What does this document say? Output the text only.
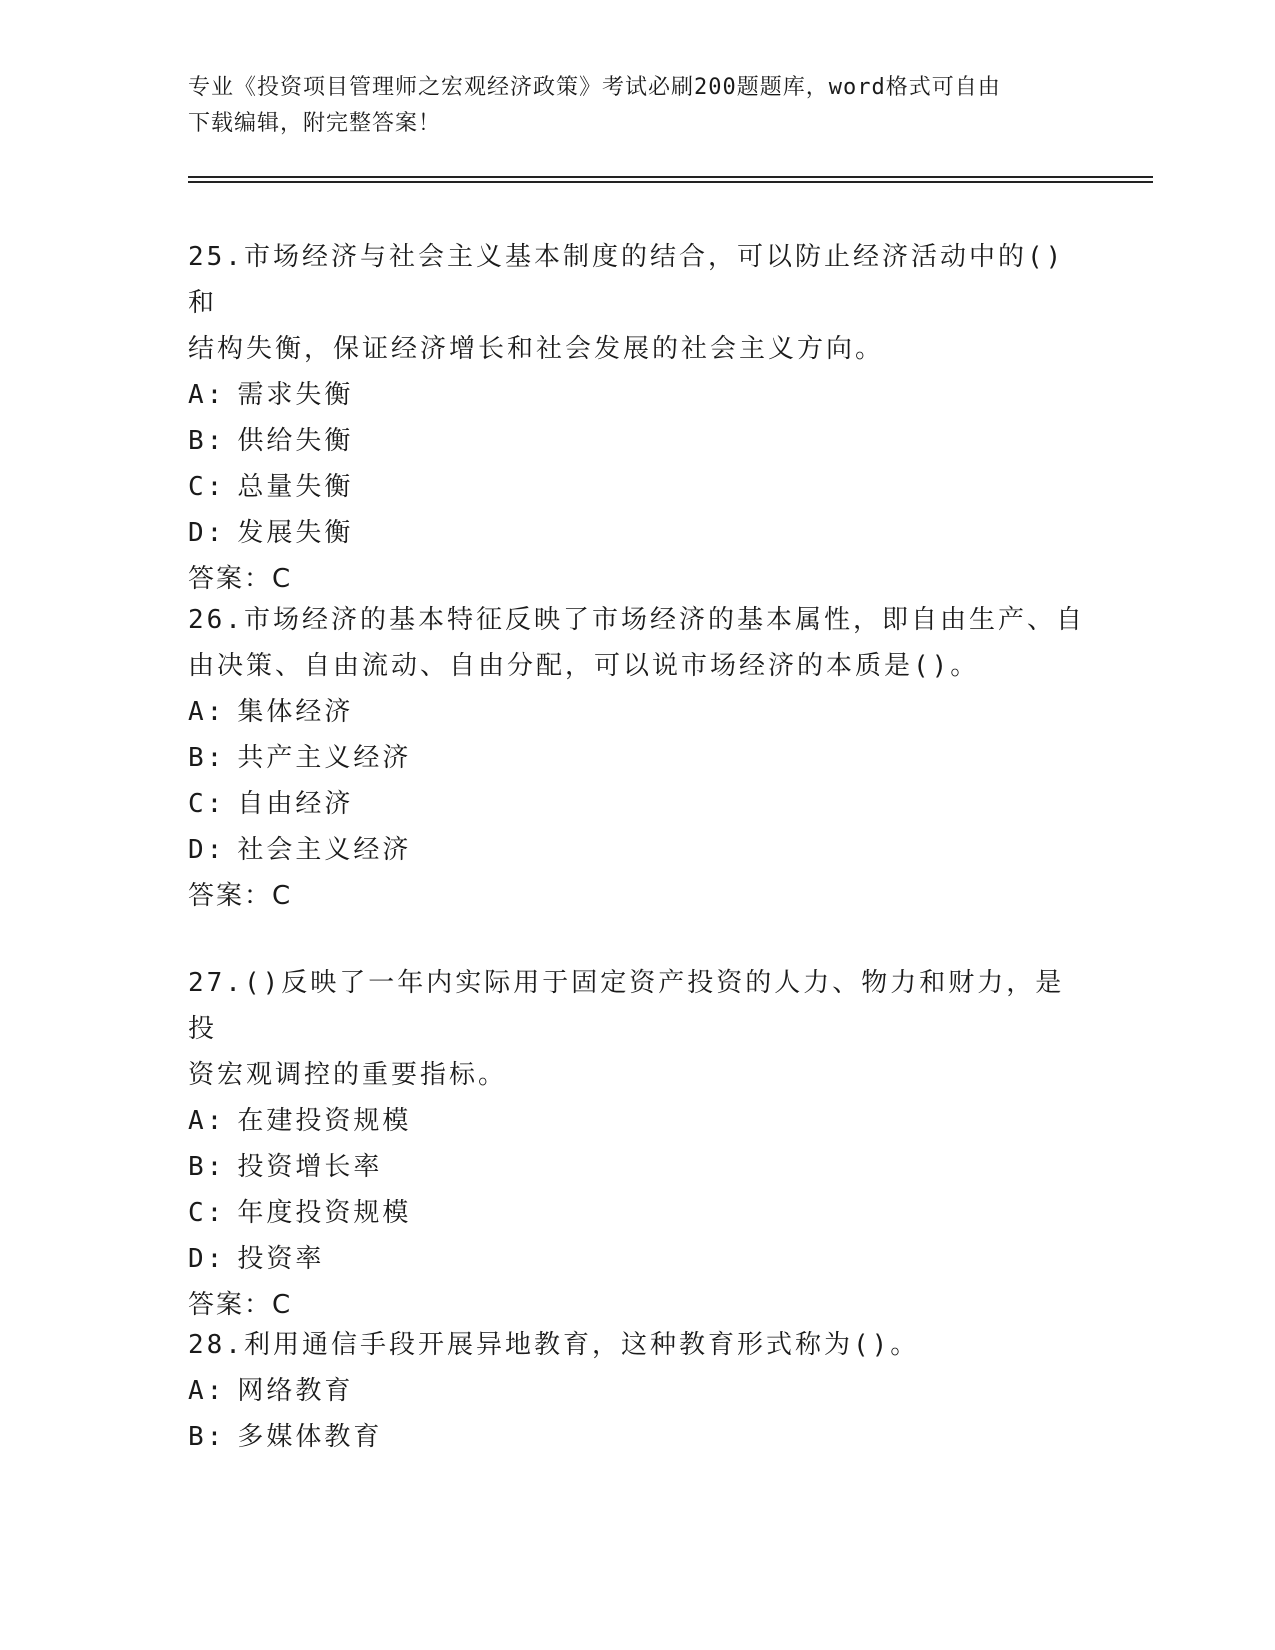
专业《投资项目管理师之宏观经济政策》考试必刷200题题库，word格式可自由
下载编辑，附完整答案！

25.市场经济与社会主义基本制度的结合，可以防止经济活动中的()和

结构失衡，保证经济增长和社会发展的社会主义方向。

A: 需求失衡

B: 供给失衡

C: 总量失衡

D: 发展失衡

答案：C

26.市场经济的基本特征反映了市场经济的基本属性，即自由生产、自

由决策、自由流动、自由分配，可以说市场经济的本质是()。

A: 集体经济

B: 共产主义经济

C: 自由经济

D: 社会主义经济

答案：C

27.()反映了一年内实际用于固定资产投资的人力、物力和财力，是投

资宏观调控的重要指标。

A: 在建投资规模

B: 投资增长率

C: 年度投资规模

D: 投资率

答案：C

28.利用通信手段开展异地教育，这种教育形式称为()。

A: 网络教育

B: 多媒体教育
